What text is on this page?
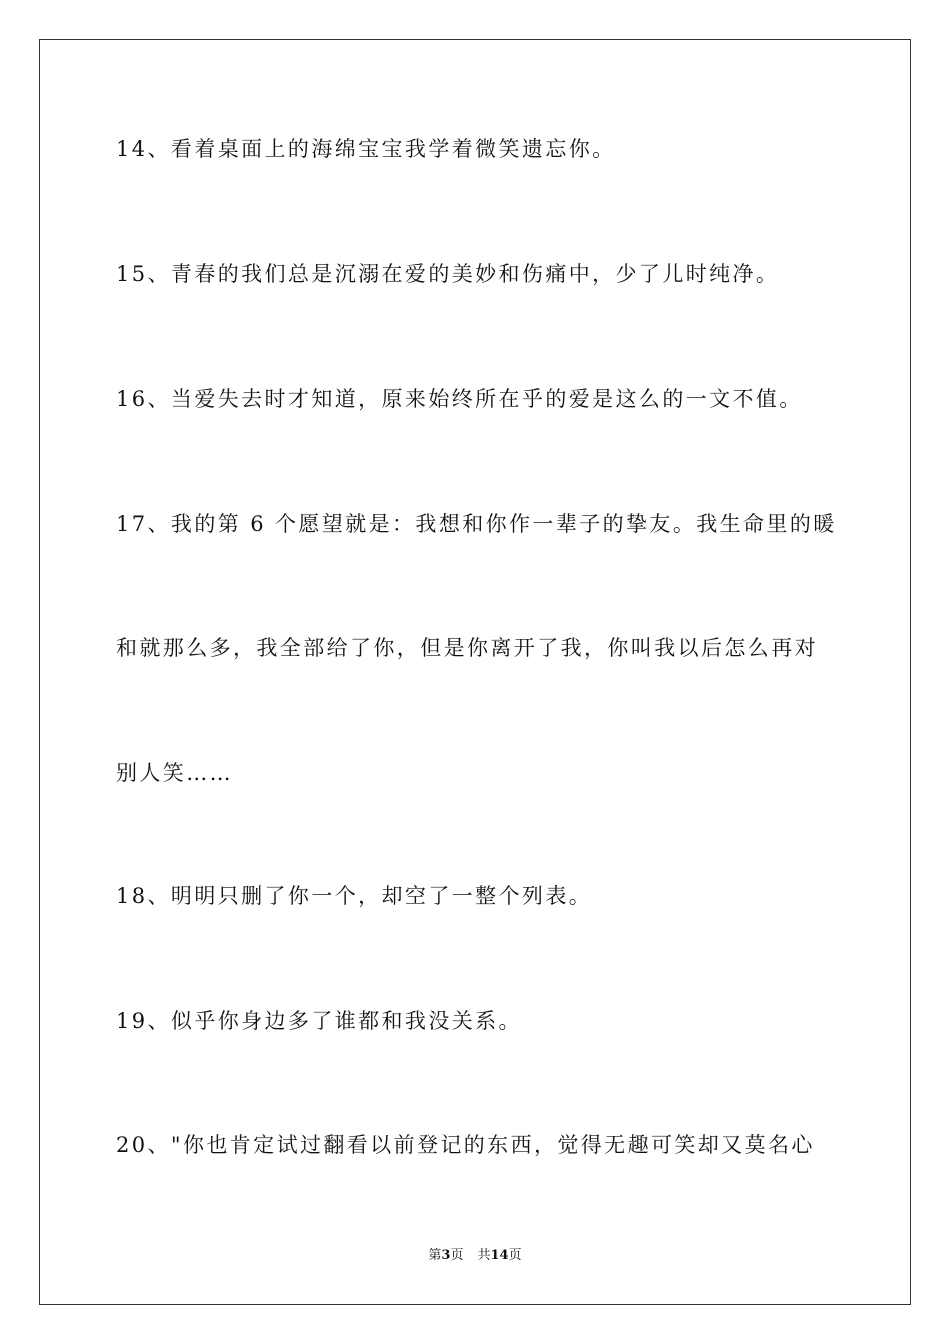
14、看着桌面上的海绵宝宝我学着微笑遗忘你。
15、青春的我们总是沉溺在爱的美妙和伤痛中，少了儿时纯净。
16、当爱失去时才知道，原来始终所在乎的爱是这么的一文不值。
17、我的第 6 个愿望就是：我想和你作一辈子的挚友。我生命里的暖
和就那么多，我全部给了你，但是你离开了我，你叫我以后怎么再对
别人笑……
18、明明只删了你一个，却空了一整个列表。
19、似乎你身边多了谁都和我没关系。
20、"你也肯定试过翻看以前登记的东西，觉得无趣可笑却又莫名心
第3页 共14页
